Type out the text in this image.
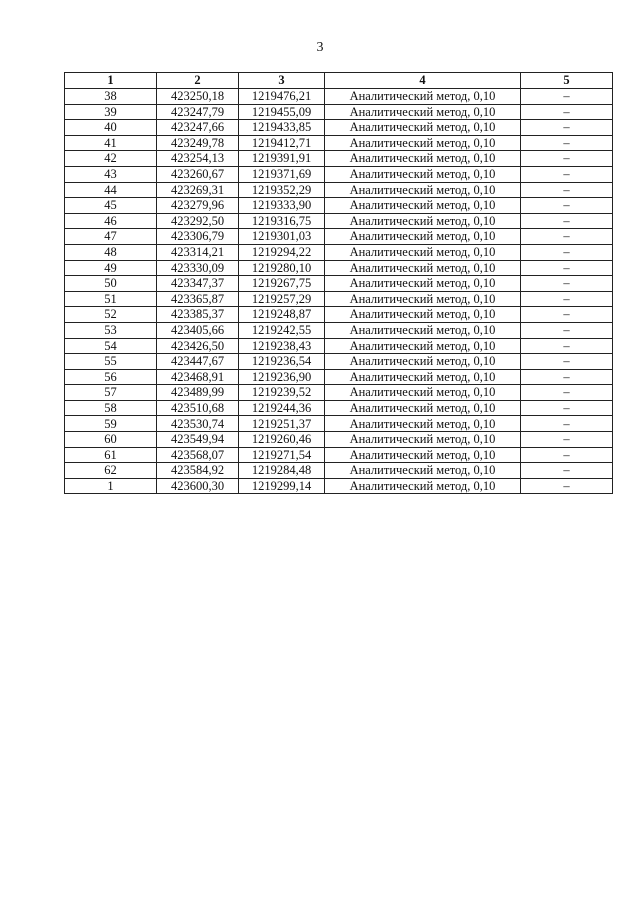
3
1	2	3	4	5
38	423250,18	1219476,21	Аналитический метод, 0,10	–
39	423247,79	1219455,09	Аналитический метод, 0,10	–
40	423247,66	1219433,85	Аналитический метод, 0,10	–
41	423249,78	1219412,71	Аналитический метод, 0,10	–
42	423254,13	1219391,91	Аналитический метод, 0,10	–
43	423260,67	1219371,69	Аналитический метод, 0,10	–
44	423269,31	1219352,29	Аналитический метод, 0,10	–
45	423279,96	1219333,90	Аналитический метод, 0,10	–
46	423292,50	1219316,75	Аналитический метод, 0,10	–
47	423306,79	1219301,03	Аналитический метод, 0,10	–
48	423314,21	1219294,22	Аналитический метод, 0,10	–
49	423330,09	1219280,10	Аналитический метод, 0,10	–
50	423347,37	1219267,75	Аналитический метод, 0,10	–
51	423365,87	1219257,29	Аналитический метод, 0,10	–
52	423385,37	1219248,87	Аналитический метод, 0,10	–
53	423405,66	1219242,55	Аналитический метод, 0,10	–
54	423426,50	1219238,43	Аналитический метод, 0,10	–
55	423447,67	1219236,54	Аналитический метод, 0,10	–
56	423468,91	1219236,90	Аналитический метод, 0,10	–
57	423489,99	1219239,52	Аналитический метод, 0,10	–
58	423510,68	1219244,36	Аналитический метод, 0,10	–
59	423530,74	1219251,37	Аналитический метод, 0,10	–
60	423549,94	1219260,46	Аналитический метод, 0,10	–
61	423568,07	1219271,54	Аналитический метод, 0,10	–
62	423584,92	1219284,48	Аналитический метод, 0,10	–
1	423600,30	1219299,14	Аналитический метод, 0,10	–
